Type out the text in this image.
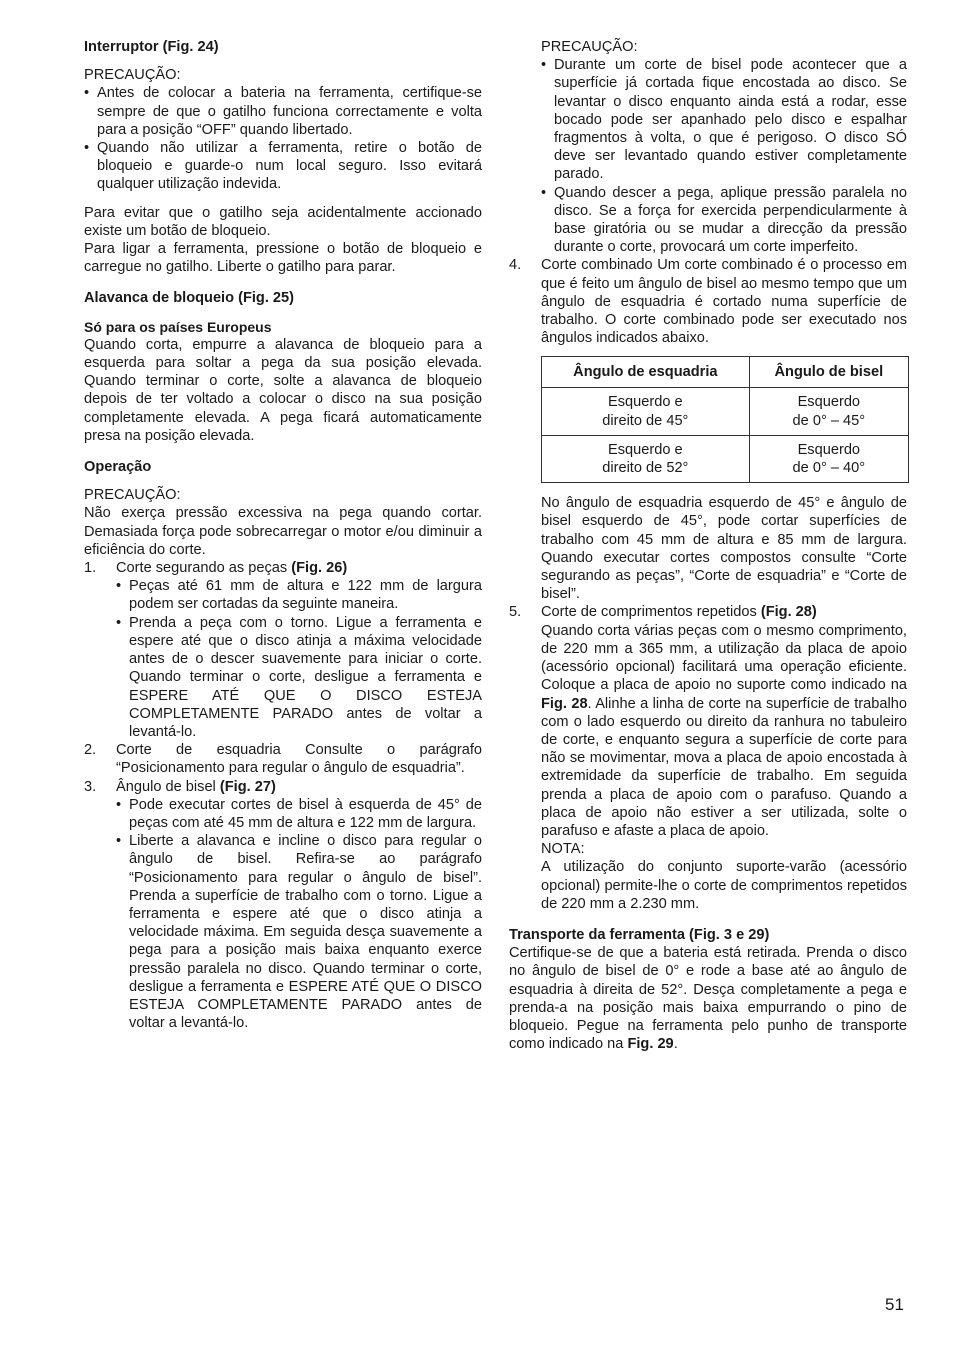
Interruptor (Fig. 24)

PRECAUÇÃO:

• Antes de colocar a bateria na ferramenta, certifique-se sempre de que o gatilho funciona correctamente e volta para a posição “OFF” quando libertado.
• Quando não utilizar a ferramenta, retire o botão de bloqueio e guarde-o num local seguro. Isso evitará qualquer utilização indevida.

Para evitar que o gatilho seja acidentalmente accionado existe um botão de bloqueio.

Para ligar a ferramenta, pressione o botão de bloqueio e carregue no gatilho. Liberte o gatilho para parar.

Alavanca de bloqueio (Fig. 25)
Só para os países Europeus

Quando corta, empurre a alavanca de bloqueio para a esquerda para soltar a pega da sua posição elevada. Quando terminar o corte, solte a alavanca de bloqueio depois de ter voltado a colocar o disco na sua posição completamente elevada. A pega ficará automaticamente presa na posição elevada.

Operação

PRECAUÇÃO:

Não exerça pressão excessiva na pega quando cortar. Demasiada força pode sobrecarregar o motor e/ou diminuir a eficiência do corte.

1. Corte segurando as peças (Fig. 26)

• Peças até 61 mm de altura e 122 mm de largura podem ser cortadas da seguinte maneira.
• Prenda a peça com o torno. Ligue a ferramenta e espere até que o disco atinja a máxima velocidade antes de o descer suavemente para iniciar o corte. Quando terminar o corte, desligue a ferramenta e ESPERE ATÉ QUE O DISCO ESTEJA COMPLETAMENTE PARADO antes de voltar a levantá-lo.
2. Corte de esquadria Consulte o parágrafo “Posicionamento para regular o ângulo de esquadria”.

3. Ângulo de bisel (Fig. 27)

• Pode executar cortes de bisel à esquerda de 45° de peças com até 45 mm de altura e 122 mm de largura.
• Liberte a alavanca e incline o disco para regular o ângulo de bisel. Refira-se ao parágrafo “Posicionamento para regular o ângulo de bisel”. Prenda a superfície de trabalho com o torno. Ligue a ferramenta e espere até que o disco atinja a velocidade máxima. Em seguida desça suavemente a pega para a posição mais baixa enquanto exerce pressão paralela no disco. Quando terminar o corte, desligue a ferramenta e ESPERE ATÉ QUE O DISCO ESTEJA COMPLETAMENTE PARADO antes de voltar a levantá-lo.

PRECAUÇÃO:

• Durante um corte de bisel pode acontecer que a superfície já cortada fique encostada ao disco. Se levantar o disco enquanto ainda está a rodar, esse bocado pode ser apanhado pelo disco e espalhar fragmentos à volta, o que é perigoso. O disco SÓ deve ser levantado quando estiver completamente parado.
• Quando descer a pega, aplique pressão paralela no disco. Se a força for exercida perpendicularmente à base giratória ou se mudar a direcção da pressão durante o corte, provocará um corte imperfeito.
4. Corte combinado Um corte combinado é o processo em que é feito um ângulo de bisel ao mesmo tempo que um ângulo de esquadria é cortado numa superfície de trabalho. O corte combinado pode ser executado nos ângulos indicados abaixo.

Ângulo de esquadria	Ângulo de bisel
Esquerdo e
direito de 45°	Esquerdo
de 0° – 45°
Esquerdo e
direito de 52°	Esquerdo
de 0° – 40°

No ângulo de esquadria esquerdo de 45° e ângulo de bisel esquerdo de 45°, pode cortar superfícies de trabalho com 45 mm de altura e 85 mm de largura. Quando executar cortes compostos consulte “Corte segurando as peças”, “Corte de esquadria” e “Corte de bisel”.

5. Corte de comprimentos repetidos (Fig. 28)

Quando corta várias peças com o mesmo comprimento, de 220 mm a 365 mm, a utilização da placa de apoio (acessório opcional) facilitará uma operação eficiente. Coloque a placa de apoio no suporte como indicado na Fig. 28. Alinhe a linha de corte na superfície de trabalho com o lado esquerdo ou direito da ranhura no tabuleiro de corte, e enquanto segura a superfície de corte para não se movimentar, mova a placa de apoio encostada à extremidade da superfície de trabalho. Em seguida prenda a placa de apoio com o parafuso. Quando a placa de apoio não estiver a ser utilizada, solte o parafuso e afaste a placa de apoio.

NOTA:

A utilização do conjunto suporte-varão (acessório opcional) permite-lhe o corte de comprimentos repetidos de 220 mm a 2.230 mm.

Transporte da ferramenta (Fig. 3 e 29)

Certifique-se de que a bateria está retirada. Prenda o disco no ângulo de bisel de 0° e rode a base até ao ângulo de esquadria à direita de 52°. Desça completamente a pega e prenda-a na posição mais baixa empurrando o pino de bloqueio. Pegue na ferramenta pelo punho de transporte como indicado na Fig. 29.

51
